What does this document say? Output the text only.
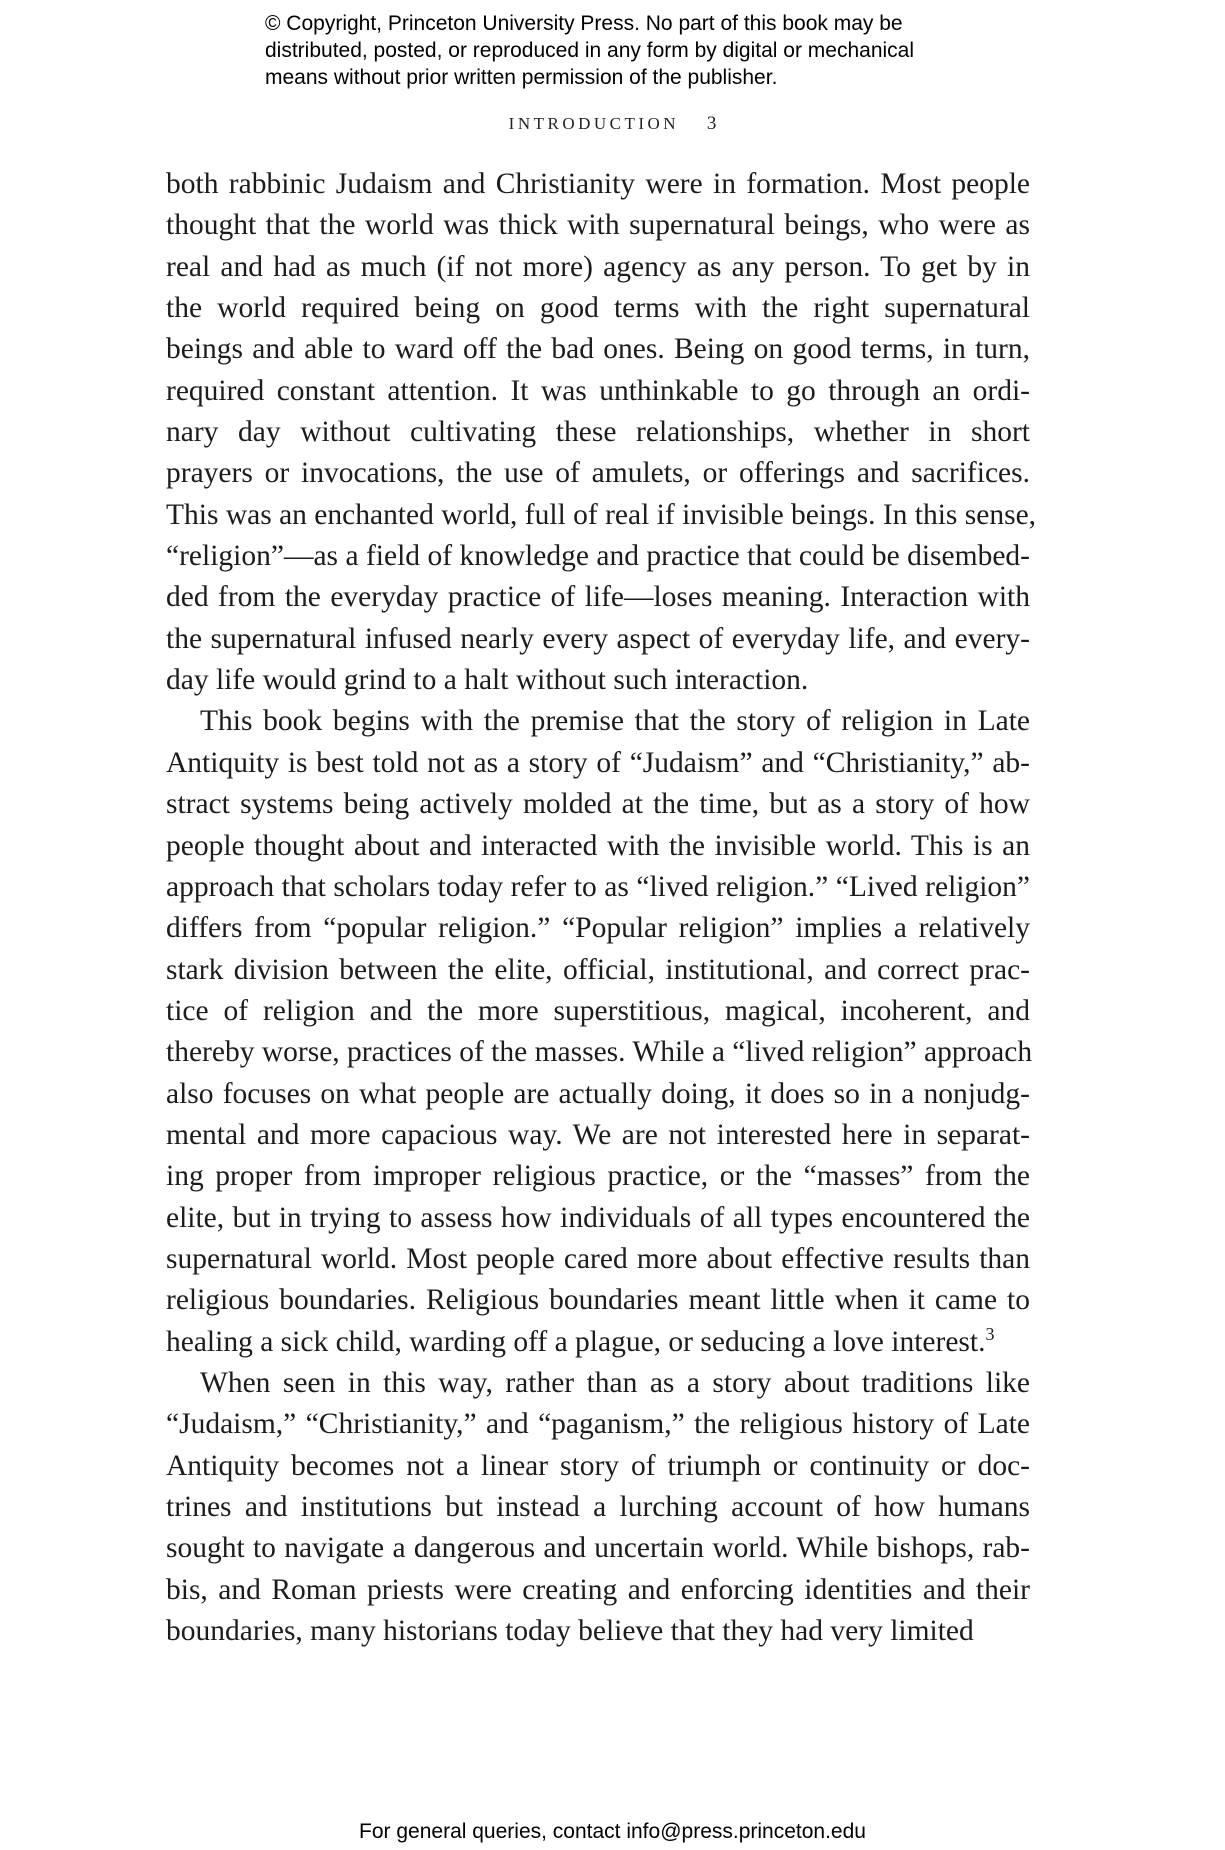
© Copyright, Princeton University Press. No part of this book may be
distributed, posted, or reproduced in any form by digital or mechanical
means without prior written permission of the publisher.
INTRODUCTION 3

both rabbinic Judaism and Christianity were in formation. Most people
thought that the world was thick with supernatural beings, who were as
real and had as much (if not more) agency as any person. To get by in
the world required being on good terms with the right supernatural
beings and able to ward off the bad ones. Being on good terms, in turn,
required constant attention. It was unthinkable to go through an ordi-
nary day without cultivating these relationships, whether in short
prayers or invocations, the use of amulets, or offerings and sacrifices.
This was an enchanted world, full of real if invisible beings. In this sense,
“religion”—as a field of knowledge and practice that could be disembed-
ded from the everyday practice of life—loses meaning. Interaction with
the supernatural infused nearly every aspect of everyday life, and every-
day life would grind to a halt without such interaction.

This book begins with the premise that the story of religion in Late
Antiquity is best told not as a story of “Judaism” and “Christianity,” ab-
stract systems being actively molded at the time, but as a story of how
people thought about and interacted with the invisible world. This is an
approach that scholars today refer to as “lived religion.” “Lived religion”
differs from “popular religion.” “Popular religion” implies a relatively
stark division between the elite, official, institutional, and correct prac-
tice of religion and the more superstitious, magical, incoherent, and
thereby worse, practices of the masses. While a “lived religion” approach
also focuses on what people are actually doing, it does so in a nonjudg-
mental and more capacious way. We are not interested here in separat-
ing proper from improper religious practice, or the “masses” from the
elite, but in trying to assess how individuals of all types encountered the
supernatural world. Most people cared more about effective results than
religious boundaries. Religious boundaries meant little when it came to
healing a sick child, warding off a plague, or seducing a love interest.$^3$

When seen in this way, rather than as a story about traditions like
“Judaism,” “Christianity,” and “paganism,” the religious history of Late
Antiquity becomes not a linear story of triumph or continuity or doc-
trines and institutions but instead a lurching account of how humans
sought to navigate a dangerous and uncertain world. While bishops, rab-
bis, and Roman priests were creating and enforcing identities and their
boundaries, many historians today believe that they had very limited

For general queries, contact info@press.princeton.edu
